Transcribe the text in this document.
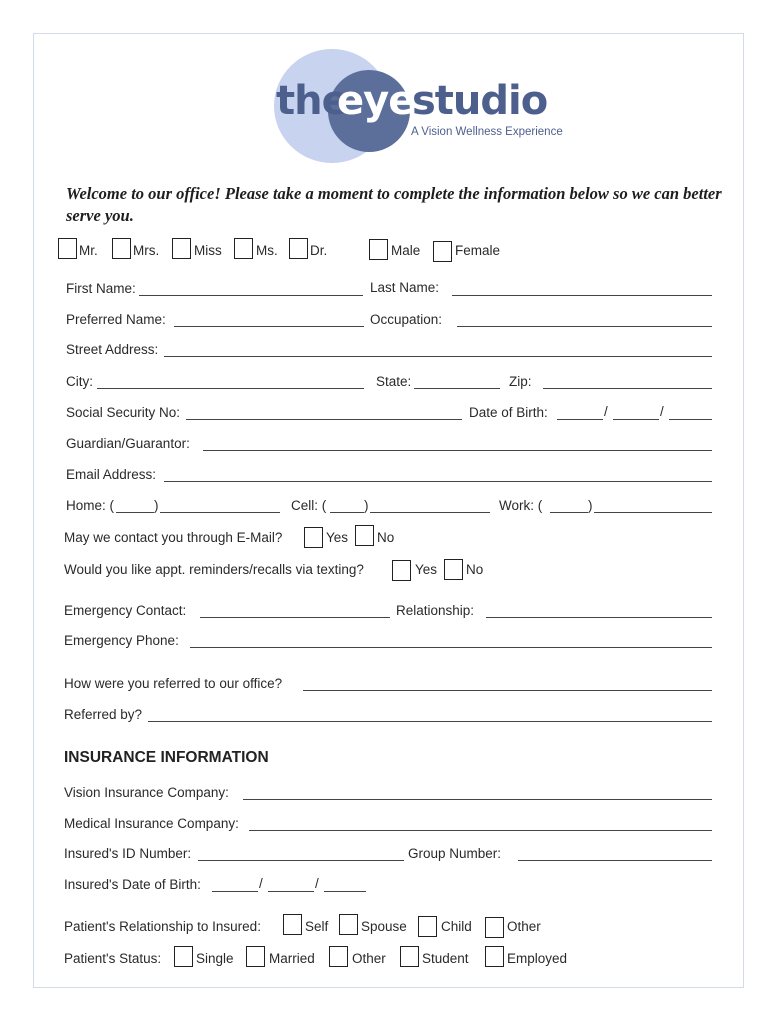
the
eye
studio
A Vision Wellness Experience
Welcome to our office! Please take a moment to complete the information below so we can better serve you.
Mr.	Mrs.	Miss	Ms. Dr.	Male	Female
First Name:	Last Name:
Preferred Name:	Occupation:
Street Address:
City:	State:	Zip:
Social Security No:	Date of Birth:	/	/
Guardian/Guarantor:
Email Address:
Home: (	)	Cell: (	)	Work: (	)
May we contact you through E-Mail?	Yes No
Would you like appt. reminders/recalls via texting?	Yes No
Emergency Contact:	Relationship:
Emergency Phone:
How were you referred to our office?
Referred by?
INSURANCE INFORMATION
Vision Insurance Company:
Medical Insurance Company:
Insured's ID Number:	Group Number:
Insured's Date of Birth:	/	/
Patient's Relationship to Insured:	Self Spouse	Child	Other
Patient's Status:	Single	Married	Other	Student	Employed
